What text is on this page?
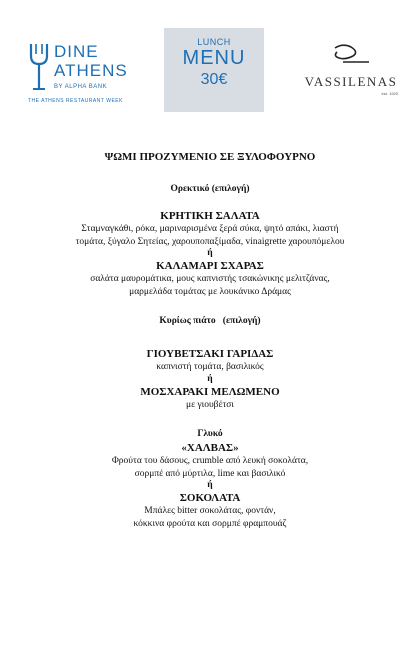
DINE
ATHENS
BY ALPHA BANK
THE ATHENS RESTAURANT WEEK
LUNCH
MENU
30€	VASSILENAS
est. 1920

ΨΩΜΙ ΠΡΟΖΥΜΕΝΙΟ ΣΕ ΞΥΛΟΦΟΥΡΝΟ

Ορεκτικό (επιλογή)

ΚΡΗΤΙΚΗ ΣΑΛΑΤΑ

Σταμναγκάθι, ρόκα, μαριναρισμένα ξερά σύκα, ψητό απάκι, λιαστή

τομάτα, ξύγαλο Σητείας, χαρουποπαξίμαδα, vinaigrette χαρουπόμελου

ή

ΚΑΛΑΜΑΡΙ ΣΧΑΡΑΣ

σαλάτα μαυρομάτικα, μους καπνιστής τσακώνικης μελιτζάνας,

μαρμελάδα τομάτας με λουκάνικο Δράμας

Κυρίως πιάτο   (επιλογή)

ΓΙΟΥΒΕΤΣΑΚΙ ΓΑΡΙΔΑΣ

καπνιστή τομάτα, βασιλικός

ή

ΜΟΣΧΑΡΑΚΙ ΜΕΛΩΜΕΝΟ

με γιουβέτσι

Γλυκό

«ΧΑΛΒΑΣ»

Φρούτα του δάσους, crumble από λευκή σοκολάτα,

σορμπέ από μύρτιλα, lime και βασιλικό

ή

ΣΟΚΟΛΑΤΑ

Μπάλες bitter σοκολάτας, φοντάν,

κόκκινα φρούτα και σορμπέ φραμπουάζ
